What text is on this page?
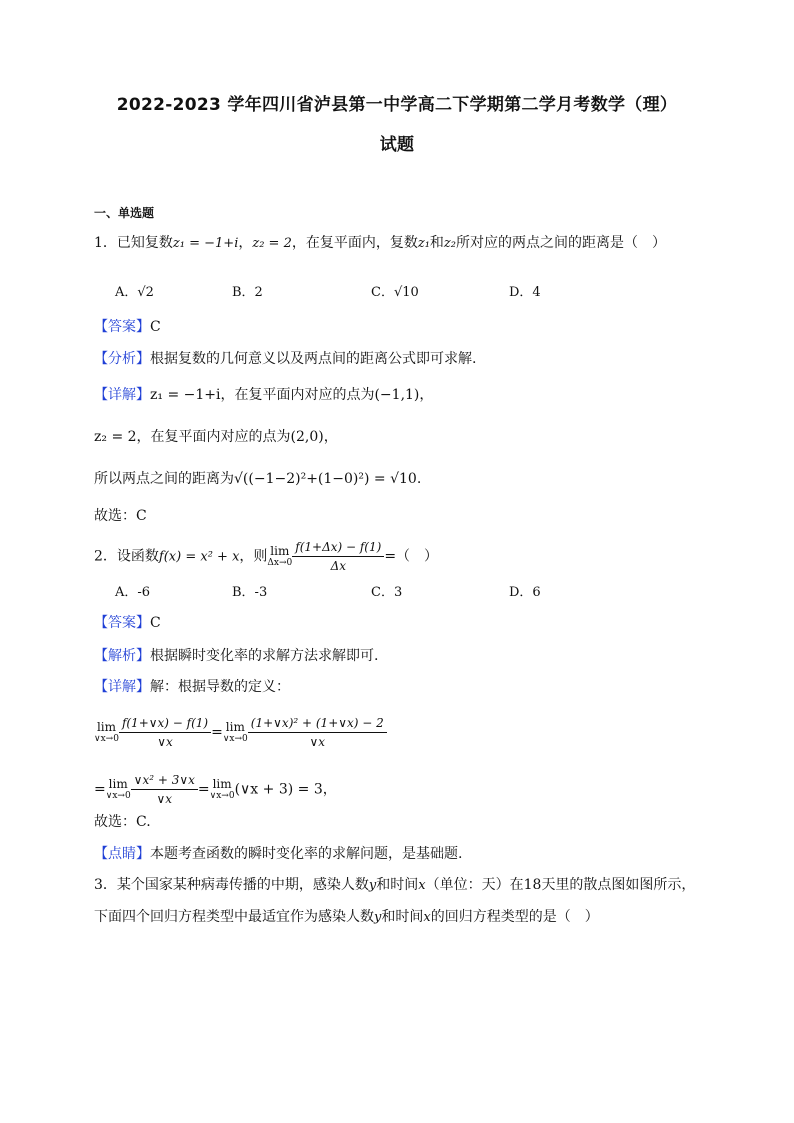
2022-2023 学年四川省泸县第一中学高二下学期第二学月考数学（理）
试题
一、单选题
1．已知复数z₁ = −1+i，z₂ = 2，在复平面内，复数z₁和z₂所对应的两点之间的距离是（　）
A．√2	B．2	C．√10	D．4
【答案】C
【分析】根据复数的几何意义以及两点间的距离公式即可求解.
【详解】z₁ = −1+i，在复平面内对应的点为(−1,1)，
z₂ = 2，在复平面内对应的点为(2,0)，
所以两点之间的距离为√((−1−2)²+(1−0)²) = √10.
故选：C
2．设函数f(x) = x² + x，则 lim
$\Delta x\to 0 \frac{f(1+\Delta x) - f(1)}{\Delta x}$ =（　）
A．-6	B．-3	C．3	D．6
【答案】C
【解析】根据瞬时变化率的求解方法求解即可.
【详解】解：根据导数的定义：
lim
∨x→0 $\frac{f(1+\vee x) - f(1)}{\vee x} = \lim$
∨x→0 $\frac{\text{(1+∨x)² + (1+∨x) − 2}}{\vee x}$
= lim
∨x→0 $\frac{\text{∨x² + 3∨x}}{\vee x} = \lim$
∨x→0 (∨x + 3) = 3，
故选：C.
【点睛】本题考查函数的瞬时变化率的求解问题，是基础题.
3．某个国家某种病毒传播的中期，感染人数y和时间x（单位：天）在18天里的散点图如图所示，
下面四个回归方程类型中最适宜作为感染人数y和时间x的回归方程类型的是（　）
